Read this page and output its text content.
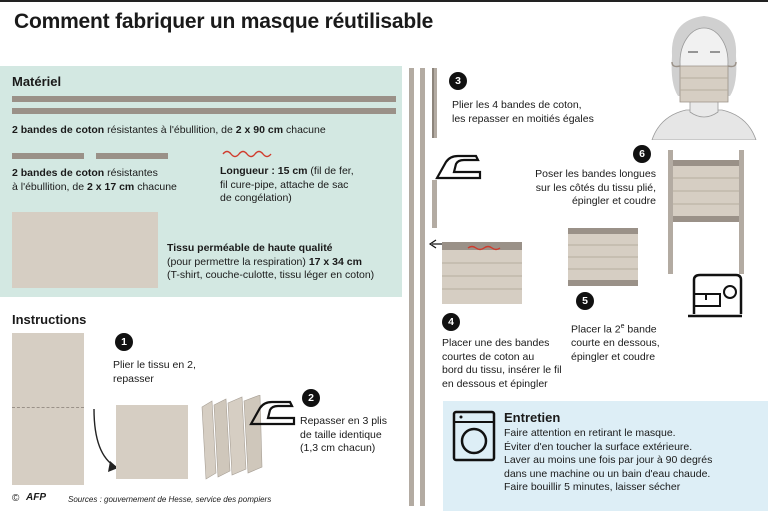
Comment fabriquer un masque réutilisable
Matériel
2 bandes de coton résistantes à l'ébullition, de 2 x 90 cm chacune
2 bandes de coton résistantes
à l'ébullition, de 2 x 17 cm chacune
Longueur : 15 cm (fil de fer,
fil cure-pipe, attache de sac
de congélation)
Tissu perméable de haute qualité
(pour permettre la respiration) 17 x 34 cm
(T-shirt, couche-culotte, tissu léger en coton)
Instructions
1
Plier le tissu en 2,
repasser
2
Repasser en 3 plis
de taille identique
(1,3 cm chacun)
3
Plier les 4 bandes de coton,
les repasser en moitiés égales
4
Placer une des bandes
courtes de coton au
bord du tissu, insérer le fil
en dessous et épingler
5
Placer la 2e bande
courte en dessous,
épingler et coudre
6
Poser les bandes longues
sur les côtés du tissu plié,
épingler et coudre
Entretien
Faire attention en retirant le masque.
Éviter d'en toucher la surface extérieure.
Laver au moins une fois par jour à 90 degrés
dans une machine ou un bain d'eau chaude.
Faire bouillir 5 minutes, laisser sécher
© AFP	Sources : gouvernement de Hesse, service des pompiers
